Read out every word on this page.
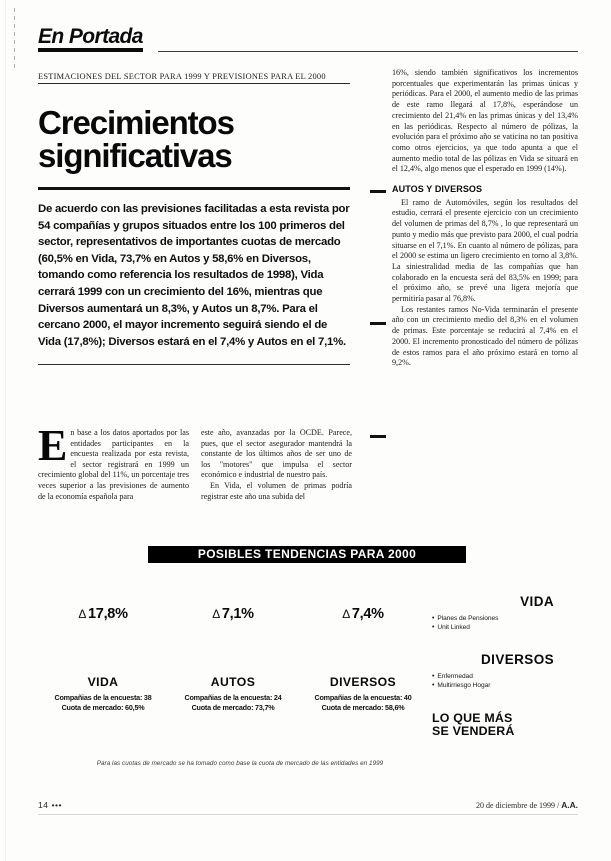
En Portada
ESTIMACIONES DEL SECTOR PARA 1999 Y PREVISIONES PARA EL 2000
Crecimientos
significativas
De acuerdo con las previsiones facilitadas a esta revista por 54 compañías y grupos situados entre los 100 primeros del sector, representativos de importantes cuotas de mercado (60,5% en Vida, 73,7% en Autos y 58,6% en Diversos, tomando como referencia los resultados de 1998), Vida cerrará 1999 con un crecimiento del 16%, mientras que Diversos aumentará un 8,3%, y Autos un 8,7%. Para el cercano 2000, el mayor incremento seguirá siendo el de Vida (17,8%); Diversos estará en el 7,4% y Autos en el 7,1%.

En base a los datos aportados por las entidades participantes en la encuesta realizada por esta revista, el sector registrará en 1999 un crecimiento global del 11%, un porcentaje tres veces superior a las previsiones de aumento de la economía española para

este año, avanzadas por la OCDE. Parece, pues, que el sector asegurador mantendrá la constante de los últimos años de ser uno de los "motores" que impulsa el sector económico e industrial de nuestro país.

En Vida, el volumen de primas podría registrar este año una subida del

16%, siendo también significativos los incrementos porcentuales que experimentarán las primas únicas y periódicas. Para el 2000, el aumento medio de las primas de este ramo llegará al 17,8%, esperándose un crecimiento del 21,4% en las primas únicas y del 13,4% en las periódicas. Respecto al número de pólizas, la evolución para el próximo año se vaticina no tan positiva como otros ejercicios, ya que todo apunta a que el aumento medio total de las pólizas en Vida se situará en el 12,4%, algo menos que el esperado en 1999 (14%).

AUTOS Y DIVERSOS

El ramo de Automóviles, según los resultados del estudio, cerrará el presente ejercicio con un crecimiento del volumen de primas del 8,7% , lo que representará un punto y medio más que previsto para 2000, el cual podría situarse en el 7,1%. En cuanto al número de pólizas, para el 2000 se estima un ligero crecimiento en torno al 3,8%. La siniestralidad media de las compañías que han colaborado en la encuesta será del 83,5% en 1999; para el próximo año, se prevé una ligera mejoría que permitiría pasar al 76,8%.

Los restantes ramos No-Vida terminarán el presente año con un crecimiento medio del 8,3% en el volumen de primas. Este porcentaje se reducirá al 7,4% en el 2000. El incremento pronosticado del número de pólizas de estos ramos para el año próximo estará en torno al 9,2%.

POSIBLES TENDENCIAS PARA 2000
Δ 17,8%	Δ 7,1%	Δ 7,4%
VIDA
Compañias de la encuesta: 38
Cuota de mercado: 60,5%
AUTOS
Compañias de la encuesta: 24
Cuota de mercado: 73,7%
DIVERSOS
Compañias de la encuesta: 40
Cuota de mercado: 58,6%
Para las cuotas de mercado se ha tomado como base la cuota de mercado de las entidades en 1999
VIDA
• Planes de Pensiones
• Unit Linked
DIVERSOS
• Enfermedad
• Multirriesgo Hogar
LO QUE MÁS
SE VENDERÁ
14 •••	20 de diciembre de 1999 / A.A.
